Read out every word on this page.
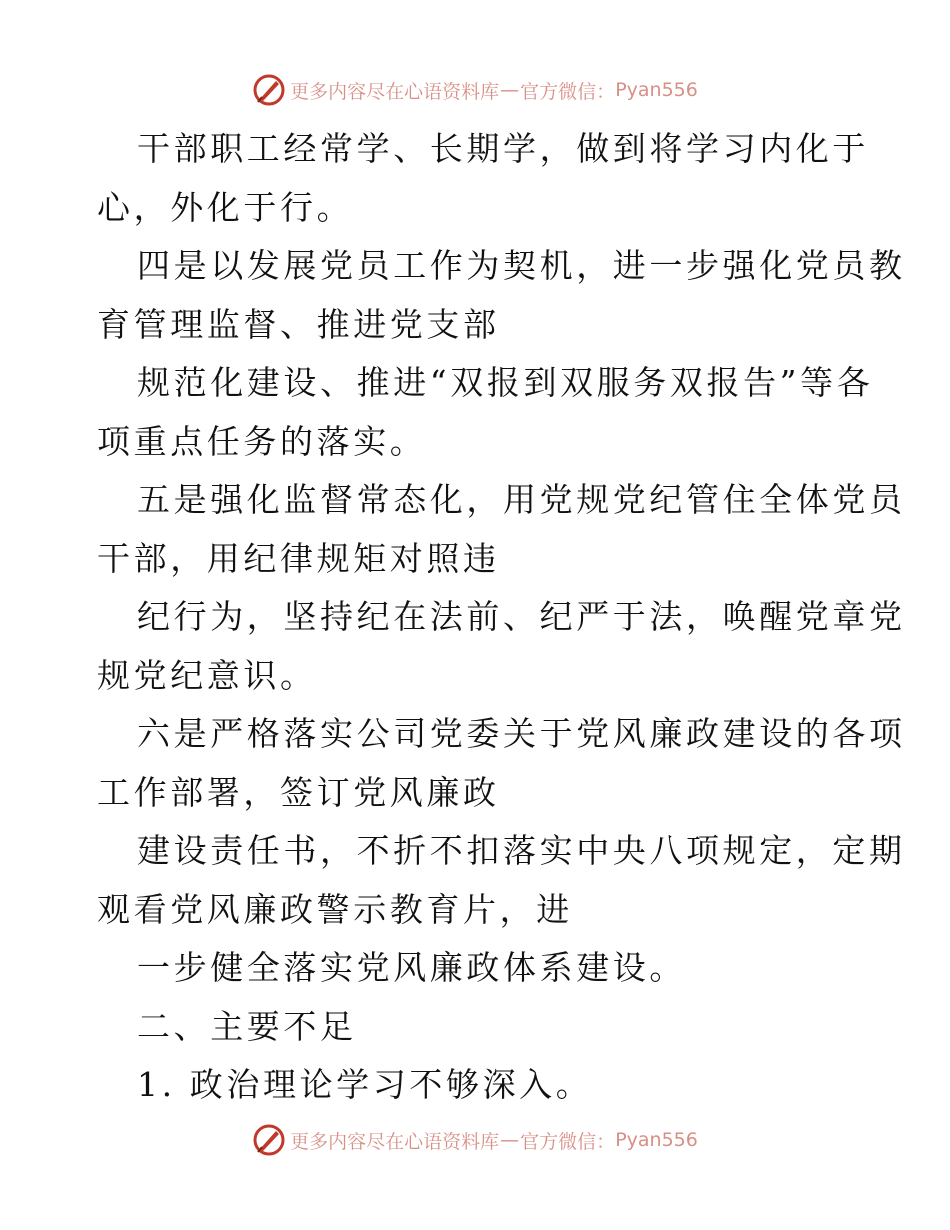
更多内容尽在心语资料库 — 官方微信： Pyan556
干部职工经常学、长期学，做到将学习内化于
心，外化于行。
四是以发展党员工作为契机，进一步强化党员教
育管理监督、推进党支部
规范化建设、推进“双报到双服务双报告”等各
项重点任务的落实。
五是强化监督常态化，用党规党纪管住全体党员
干部，用纪律规矩对照违
纪行为，坚持纪在法前、纪严于法，唤醒党章党
规党纪意识。
六是严格落实公司党委关于党风廉政建设的各项
工作部署，签订党风廉政
建设责任书，不折不扣落实中央八项规定，定期
观看党风廉政警示教育片，进
一步健全落实党风廉政体系建设。
二、主要不足
1. 政治理论学习不够深入。
更多内容尽在心语资料库 — 官方微信： Pyan556
